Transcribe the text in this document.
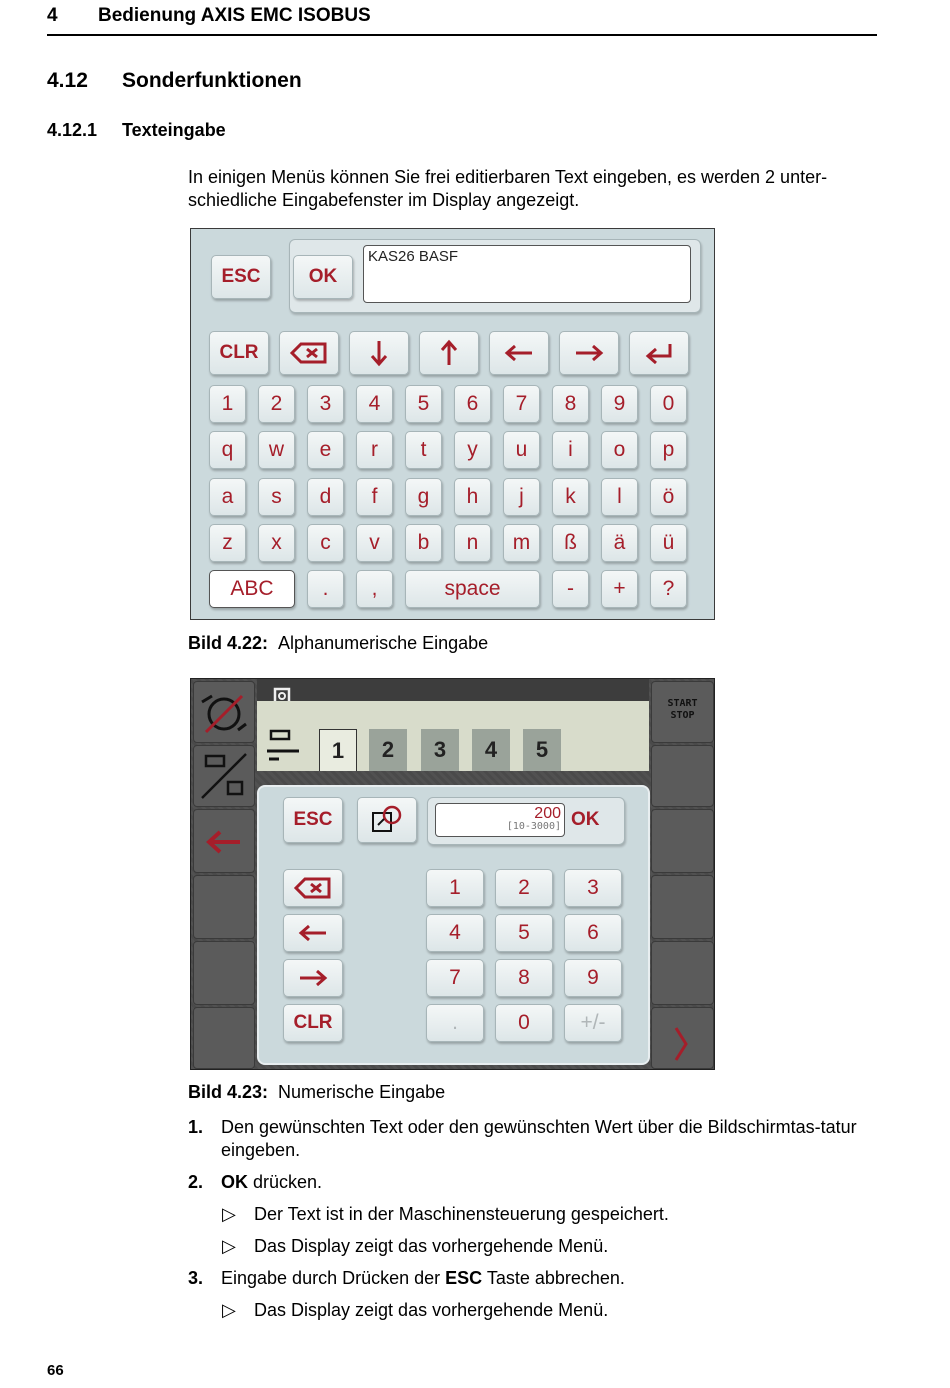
4 Bedienung AXIS EMC ISOBUS
4.12 Sonderfunktionen
4.12.1 Texteingabe
In einigen Menüs können Sie frei editierbaren Text eingeben, es werden 2 unter-schiedliche Eingabefenster im Display angezeigt.
ESC	OK
KAS26 BASF
CLR
1	2	3	4	5	6	7	8	9	0
q	w	e	r	t	y	u	i	o	p
a	s	d	f	g	h	j	k	l	ö
z	x	c	v	b	n	m	ß	ä	ü
ABC	.	,	space	-	+	?
Bild 4.22: Alphanumerische Eingabe
START
STOP
1	2	3	4	5
ESC	200
[10-3000] OK
CLR
1	2	3
4	5	6
7	8	9
.	0	+/-
Bild 4.23: Numerische Eingabe
1. Den gewünschten Text oder den gewünschten Wert über die Bildschirmtas-tatur eingeben.
2. OK drücken.
▷ Der Text ist in der Maschinensteuerung gespeichert.
▷ Das Display zeigt das vorhergehende Menü.
3. Eingabe durch Drücken der ESC Taste abbrechen.
▷ Das Display zeigt das vorhergehende Menü.
66
